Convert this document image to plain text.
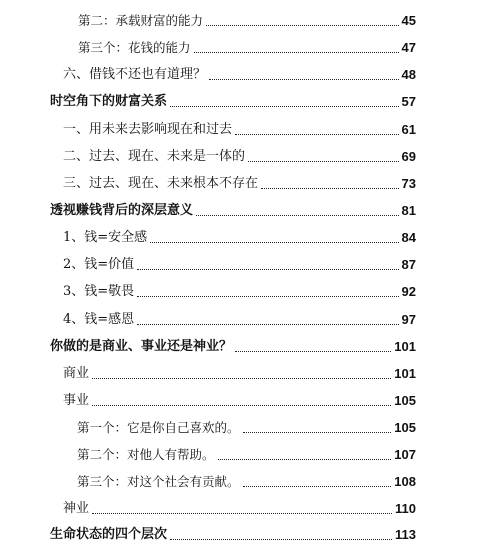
第二：承载财富的能力	45
第三个：花钱的能力	47
六、借钱不还也有道理？	48
时空角下的财富关系	57
一、用未来去影响现在和过去	61
二、过去、现在、未来是一体的	69
三、过去、现在、未来根本不存在	73
透视赚钱背后的深层意义	81
1、钱=安全感	84
2、钱=价值	87
3、钱=敬畏	92
4、钱=感恩	97
你做的是商业、事业还是神业？	101
商业	101
事业	105
第一个：它是你自己喜欢的。	105
第二个：对他人有帮助。	107
第三个：对这个社会有贡献。	108
神业	110
生命状态的四个层次	113
